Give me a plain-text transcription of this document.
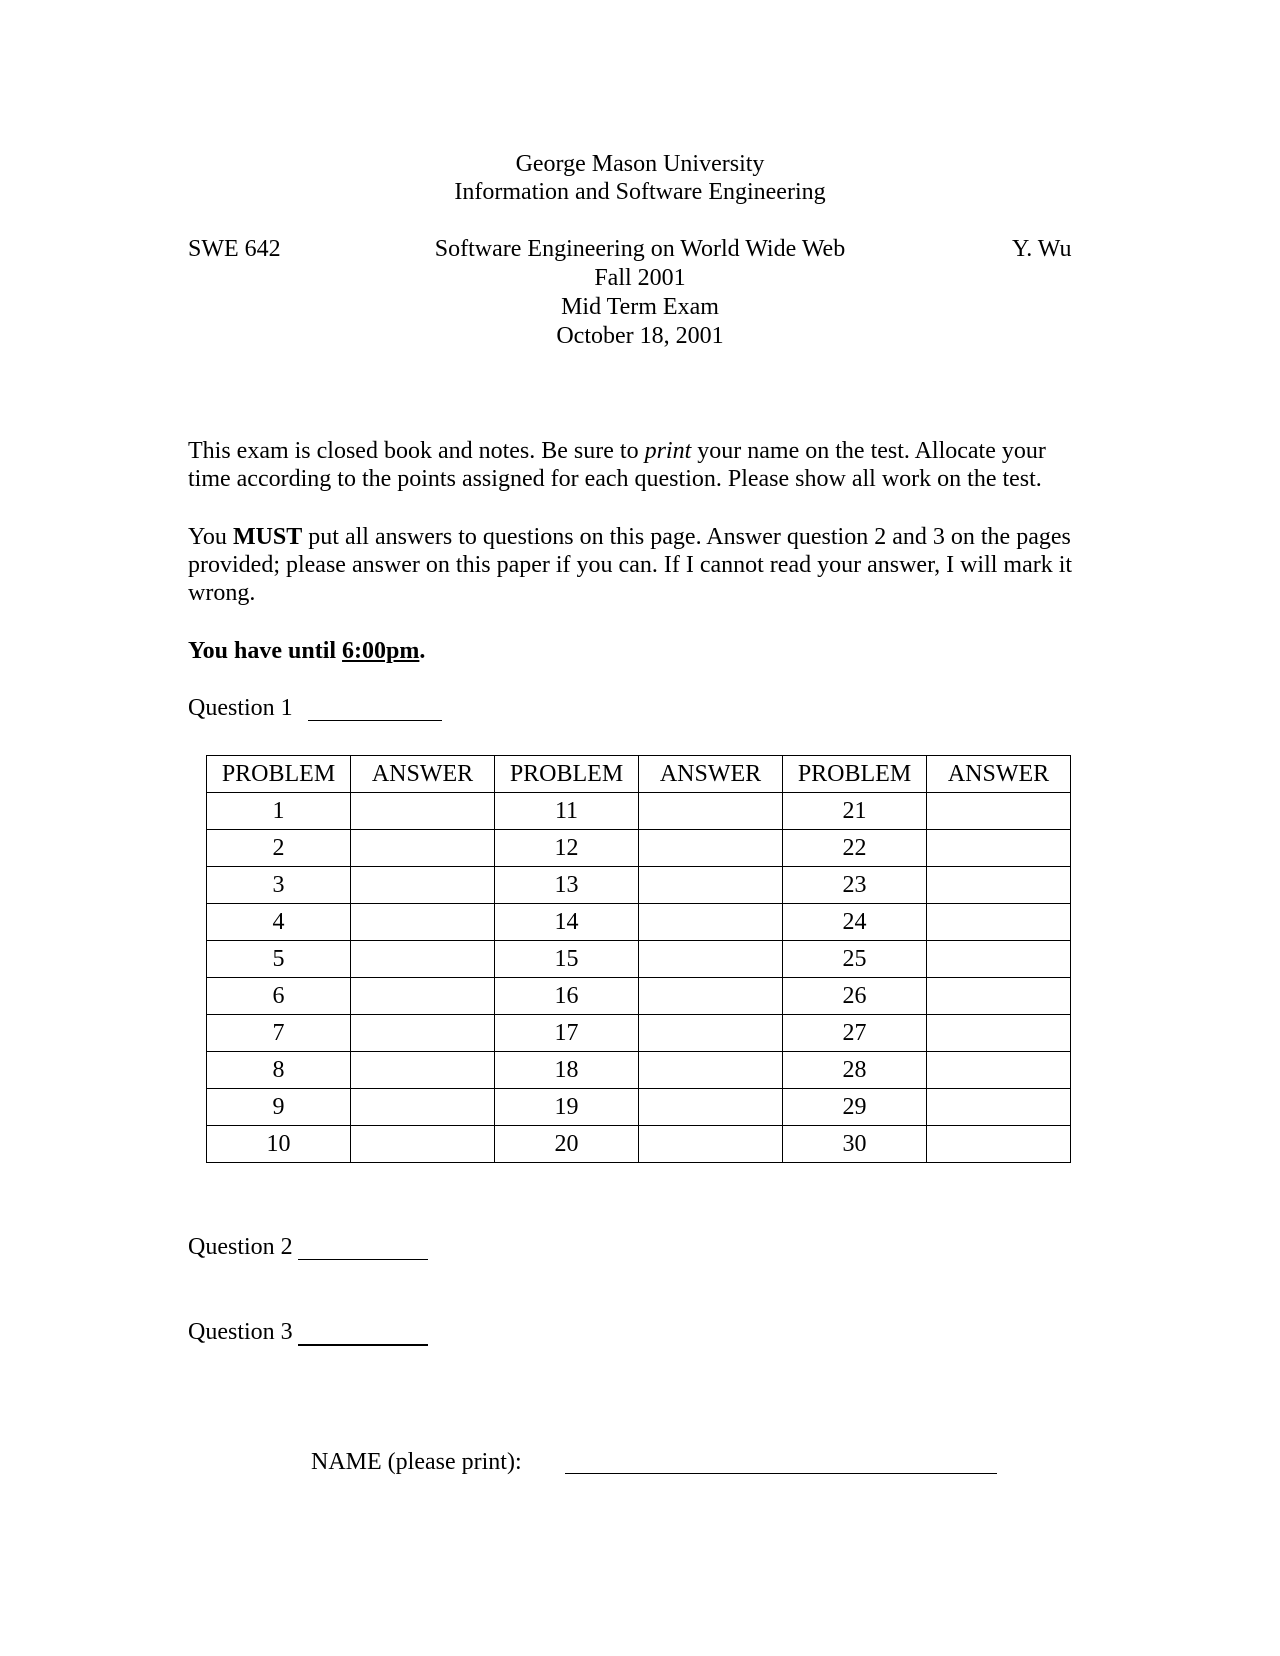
George Mason University
Information and Software Engineering
SWE 642	Software Engineering on World Wide Web	Y. Wu
Fall 2001
Mid Term Exam
October 18, 2001

This exam is closed book and notes. Be sure to print your name on the test. Allocate your time according to the points assigned for each question. Please show all work on the test.

You MUST put all answers to questions on this page. Answer question 2 and 3 on the pages provided; please answer on this paper if you can. If I cannot read your answer, I will mark it wrong.

You have until 6:00pm.
Question 1
PROBLEM	ANSWER	PROBLEM	ANSWER	PROBLEM	ANSWER
1		11		21	
2		12		22	
3		13		23	
4		14		24	
5		15		25	
6		16		26	
7		17		27	
8		18		28	
9		19		29	
10		20		30	
Question 2
Question 3
NAME (please print):
